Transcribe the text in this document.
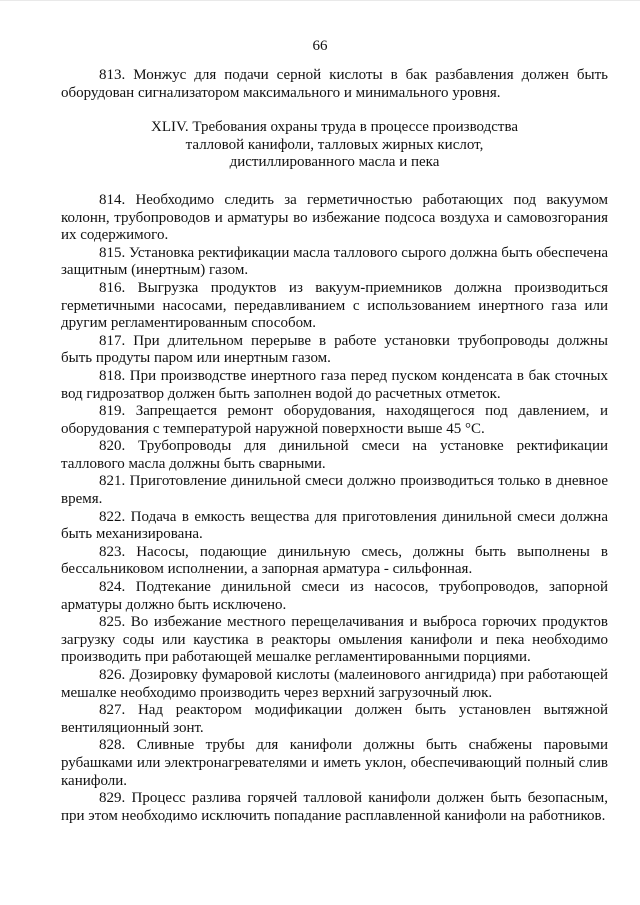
66

813. Монжус для подачи серной кислоты в бак разбавления должен быть оборудован сигнализатором максимального и минимального уровня.

XLIV. Требования охраны труда в процессе производства
талловой канифоли, талловых жирных кислот,
дистиллированного масла и пека

814. Необходимо следить за герметичностью работающих под вакуумом колонн, трубопроводов и арматуры во избежание подсоса воздуха и самовозгорания их содержимого.

815. Установка ректификации масла таллового сырого должна быть обеспечена защитным (инертным) газом.

816. Выгрузка продуктов из вакуум-приемников должна производиться герметичными насосами, передавливанием с использованием инертного газа или другим регламентированным способом.

817. При длительном перерыве в работе установки трубопроводы должны быть продуты паром или инертным газом.

818. При производстве инертного газа перед пуском конденсата в бак сточных вод гидрозатвор должен быть заполнен водой до расчетных отметок.

819. Запрещается ремонт оборудования, находящегося под давлением, и оборудования с температурой наружной поверхности выше 45 °С.

820. Трубопроводы для динильной смеси на установке ректификации таллового масла должны быть сварными.

821. Приготовление динильной смеси должно производиться только в дневное время.

822. Подача в емкость вещества для приготовления динильной смеси должна быть механизирована.

823. Насосы, подающие динильную смесь, должны быть выполнены в бессальниковом исполнении, а запорная арматура - сильфонная.

824. Подтекание динильной смеси из насосов, трубопроводов, запорной арматуры должно быть исключено.

825. Во избежание местного перещелачивания и выброса горючих продуктов загрузку соды или каустика в реакторы омыления канифоли и пека необходимо производить при работающей мешалке регламентированными порциями.

826. Дозировку фумаровой кислоты (малеинового ангидрида) при работающей мешалке необходимо производить через верхний загрузочный люк.

827. Над реактором модификации должен быть установлен вытяжной вентиляционный зонт.

828. Сливные трубы для канифоли должны быть снабжены паровыми рубашками или электронагревателями и иметь уклон, обеспечивающий полный слив канифоли.

829. Процесс разлива горячей талловой канифоли должен быть безопасным, при этом необходимо исключить попадание расплавленной канифоли на работников.
